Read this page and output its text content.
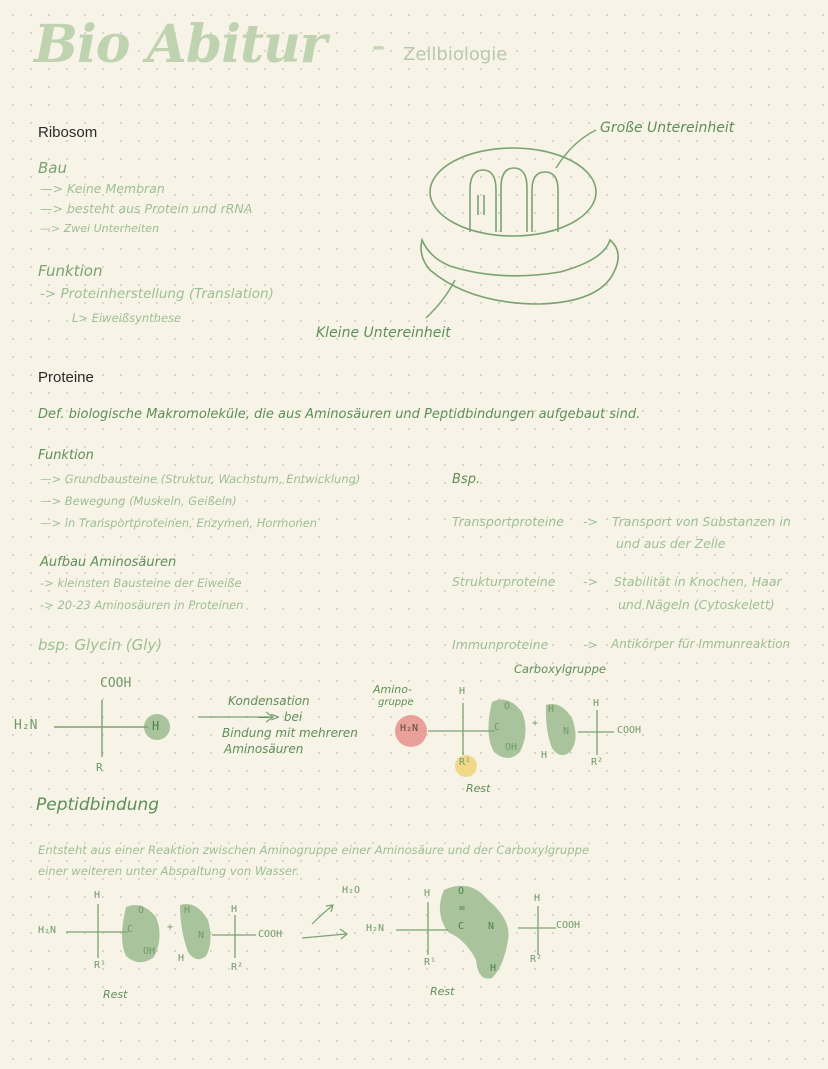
Bio Abitur – Zellbiologie
Ribosom
Bau
—> Keine Membran
—> besteht aus Protein und rRNA
—> Zwei Unterheiten
Funktion
-> Proteinherstellung (Translation)
L> Eiweißsynthese
Große Untereinheit
Kleine Untereinheit
Proteine
Def. biologische Makromoleküle, die aus Aminosäuren und Peptidbindungen aufgebaut sind.
Funktion
—> Grundbausteine (Struktur, Wachstum, Entwicklung)
—> Bewegung (Muskeln, Geißeln)
—> in Transportproteinen, Enzymen, Hormonen
Aufbau Aminosäuren
-> kleinsten Bausteine der Eiweiße
-> 20-23 Aminosäuren in Proteinen
Bsp.
Transportproteine -> Transport von Substanzen in
und aus der Zelle
Strukturproteine -> Stabilität in Knochen, Haar
und Nägeln (Cytoskelett)
Immunproteine	-> Antikörper für Immunreaktion
bsp. Glycin (Gly)
COOH
H₂N	H
R
Kondensation
—> bei
Bindung mit mehreren
Aminosäuren
Amino-
gruppe
Carboxylgruppe
H₂N
H
R¹
C
O
OH
+
H
N
H
H
COOH
R²
Rest
Peptidbindung
Entsteht aus einer Reaktion zwischen Aminogruppe einer Aminosäure und der Carboxylgruppe
einer weiteren unter Abspaltung von Wasser.
H₂N
H
R¹
C
O
OH
+
H
N
H
H
COOH
R²
Rest
H₂O
H₂N
H
R¹
O
=
C N
H
H
COOH
R²
Rest
